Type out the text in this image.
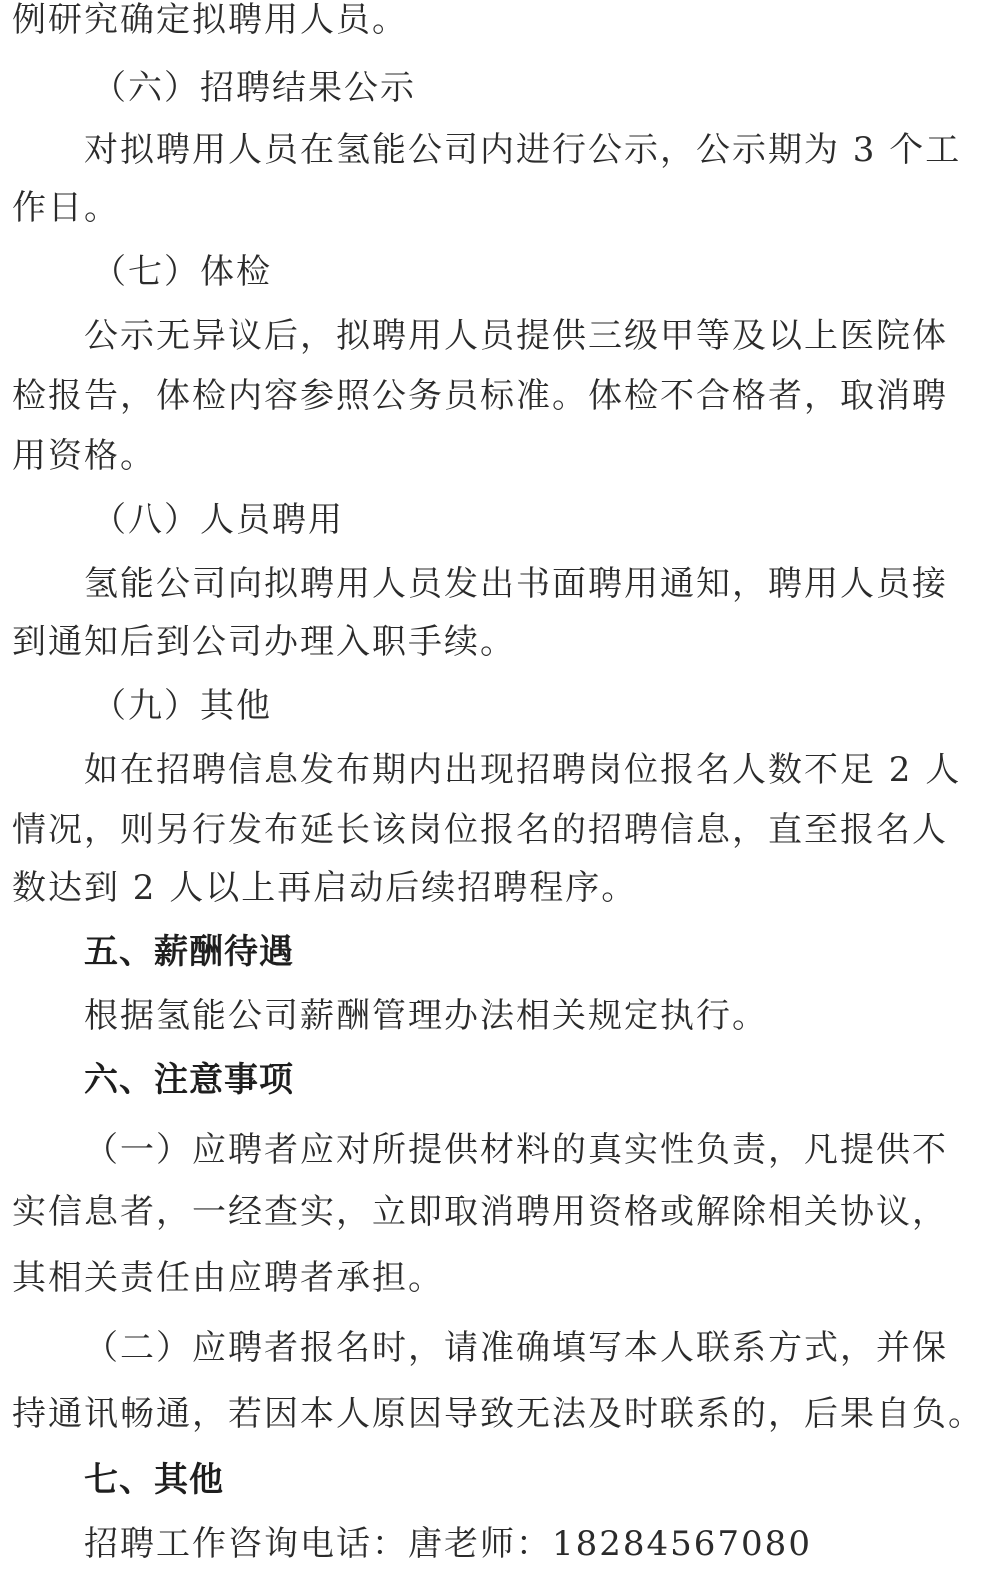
例研究确定拟聘用人员。
（六）招聘结果公示
对拟聘用人员在氢能公司内进行公示，公示期为 3 个工
作日。
（七）体检
公示无异议后，拟聘用人员提供三级甲等及以上医院体
检报告，体检内容参照公务员标准。体检不合格者，取消聘
用资格。
（八）人员聘用
氢能公司向拟聘用人员发出书面聘用通知，聘用人员接
到通知后到公司办理入职手续。
（九）其他
如在招聘信息发布期内出现招聘岗位报名人数不足 2 人
情况，则另行发布延长该岗位报名的招聘信息，直至报名人
数达到 2 人以上再启动后续招聘程序。
五、薪酬待遇
根据氢能公司薪酬管理办法相关规定执行。
六、注意事项
（一）应聘者应对所提供材料的真实性负责，凡提供不
实信息者，一经查实，立即取消聘用资格或解除相关协议，
其相关责任由应聘者承担。
（二）应聘者报名时，请准确填写本人联系方式，并保
持通讯畅通，若因本人原因导致无法及时联系的，后果自负。
七、其他
招聘工作咨询电话：唐老师：18284567080
